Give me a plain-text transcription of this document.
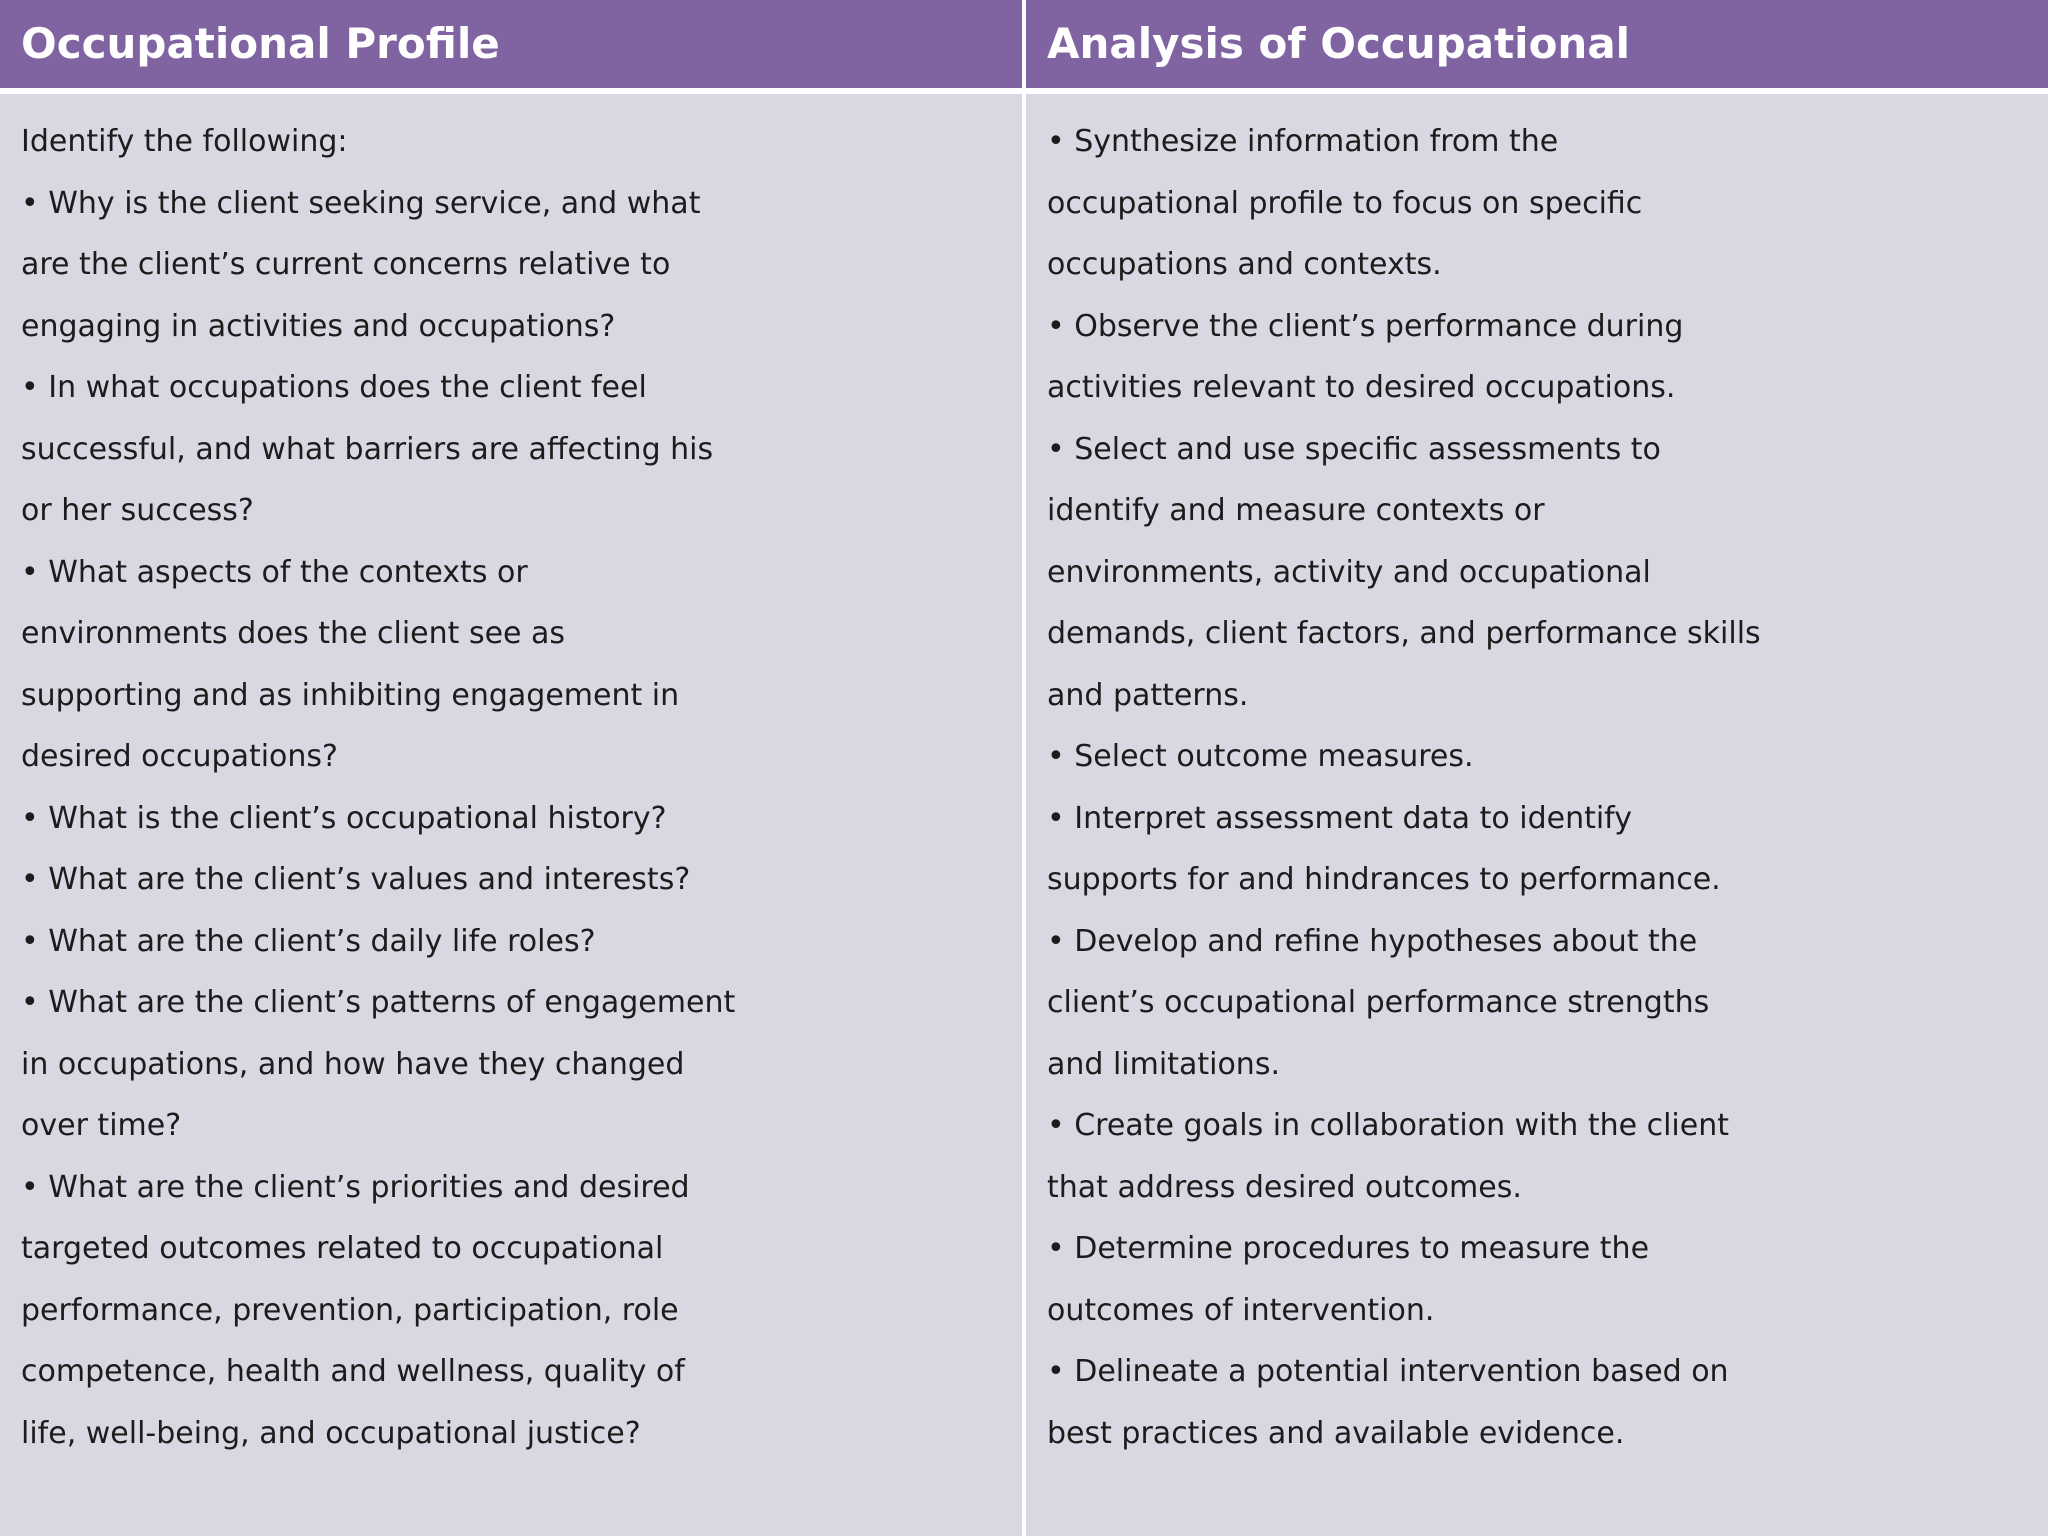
Occupational Profile	Analysis of Occupational

Identify the following:

• Why is the client seeking service, and what

are the client’s current concerns relative to

engaging in activities and occupations?

• In what occupations does the client feel

successful, and what barriers are affecting his

or her success?

• What aspects of the contexts or

environments does the client see as

supporting and as inhibiting engagement in

desired occupations?

• What is the client’s occupational history?

• What are the client’s values and interests?

• What are the client’s daily life roles?

• What are the client’s patterns of engagement

in occupations, and how have they changed

over time?

• What are the client’s priorities and desired

targeted outcomes related to occupational

performance, prevention, participation, role

competence, health and wellness, quality of

life, well-being, and occupational justice?

• Synthesize information from the

occupational profile to focus on specific

occupations and contexts.

• Observe the client’s performance during

activities relevant to desired occupations.

• Select and use specific assessments to

identify and measure contexts or

environments, activity and occupational

demands, client factors, and performance skills

and patterns.

• Select outcome measures.

• Interpret assessment data to identify

supports for and hindrances to performance.

• Develop and refine hypotheses about the

client’s occupational performance strengths

and limitations.

• Create goals in collaboration with the client

that address desired outcomes.

• Determine procedures to measure the

outcomes of intervention.

• Delineate a potential intervention based on

best practices and available evidence.
